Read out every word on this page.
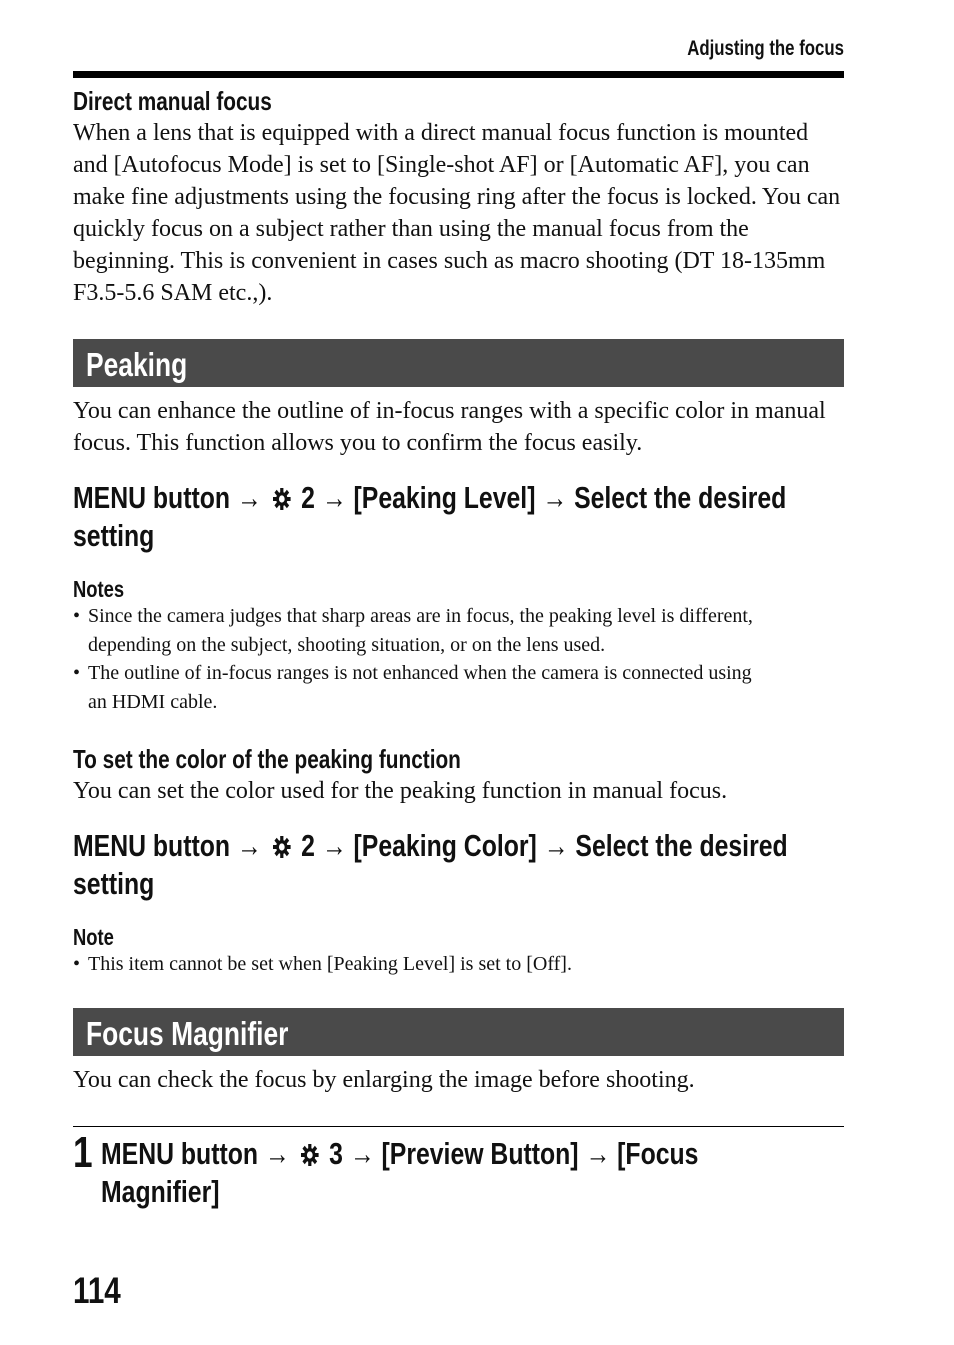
Adjusting the focus
Direct manual focus
When a lens that is equipped with a direct manual focus function is mounted and [Autofocus Mode] is set to [Single-shot AF] or [Automatic AF], you can make fine adjustments using the focusing ring after the focus is locked. You can quickly focus on a subject rather than using the manual focus from the beginning. This is convenient in cases such as macro shooting (DT 18-135mm F3.5-5.6 SAM etc.,).
Peaking
You can enhance the outline of in-focus ranges with a specific color in manual focus. This function allows you to confirm the focus easily.
MENU button → 2 → [Peaking Level] → Select the desired
setting
Notes
• Since the camera judges that sharp areas are in focus, the peaking level is different,
depending on the subject, shooting situation, or on the lens used.
• The outline of in-focus ranges is not enhanced when the camera is connected using
an HDMI cable.
To set the color of the peaking function
You can set the color used for the peaking function in manual focus.
MENU button → 2 → [Peaking Color] → Select the desired
setting
Note
• This item cannot be set when [Peaking Level] is set to [Off].
Focus Magnifier
You can check the focus by enlarging the image before shooting.
1 MENU button → 3 → [Preview Button] → [Focus
Magnifier]
114
